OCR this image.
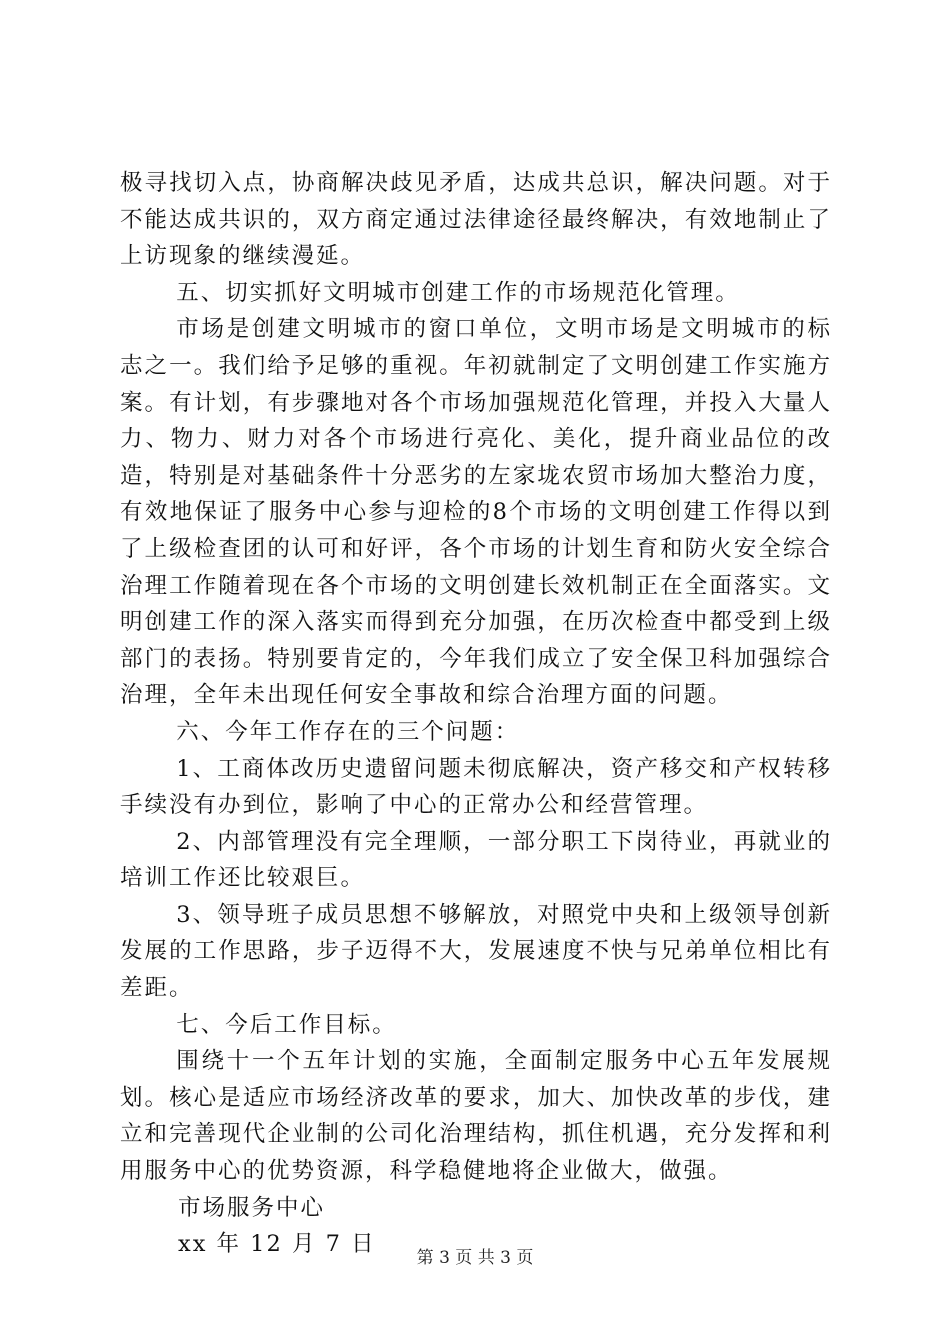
极寻找切入点，协商解决歧见矛盾，达成共总识，解决问题。对于不能达成共识的，双方商定通过法律途径最终解决，有效地制止了上访现象的继续漫延。

五、切实抓好文明城市创建工作的市场规范化管理。

市场是创建文明城市的窗口单位，文明市场是文明城市的标志之一。我们给予足够的重视。年初就制定了文明创建工作实施方案。有计划，有步骤地对各个市场加强规范化管理，并投入大量人力、物力、财力对各个市场进行亮化、美化，提升商业品位的改造，特别是对基础条件十分恶劣的左家垅农贸市场加大整治力度，有效地保证了服务中心参与迎检的8个市场的文明创建工作得以到了上级检查团的认可和好评，各个市场的计划生育和防火安全综合治理工作随着现在各个市场的文明创建长效机制正在全面落实。文明创建工作的深入落实而得到充分加强，在历次检查中都受到上级部门的表扬。特别要肯定的，今年我们成立了安全保卫科加强综合治理，全年未出现任何安全事故和综合治理方面的问题。

六、今年工作存在的三个问题：

1、工商体改历史遗留问题未彻底解决，资产移交和产权转移手续没有办到位，影响了中心的正常办公和经营管理。

2、内部管理没有完全理顺，一部分职工下岗待业，再就业的培训工作还比较艰巨。

3、领导班子成员思想不够解放，对照党中央和上级领导创新发展的工作思路，步子迈得不大，发展速度不快与兄弟单位相比有差距。

七、今后工作目标。

围绕十一个五年计划的实施，全面制定服务中心五年发展规划。核心是适应市场经济改革的要求，加大、加快改革的步伐，建立和完善现代企业制的公司化治理结构，抓住机遇，充分发挥和利用服务中心的优势资源，科学稳健地将企业做大，做强。

市场服务中心

xx 年 12 月 7 日

第 3 页 共 3 页
